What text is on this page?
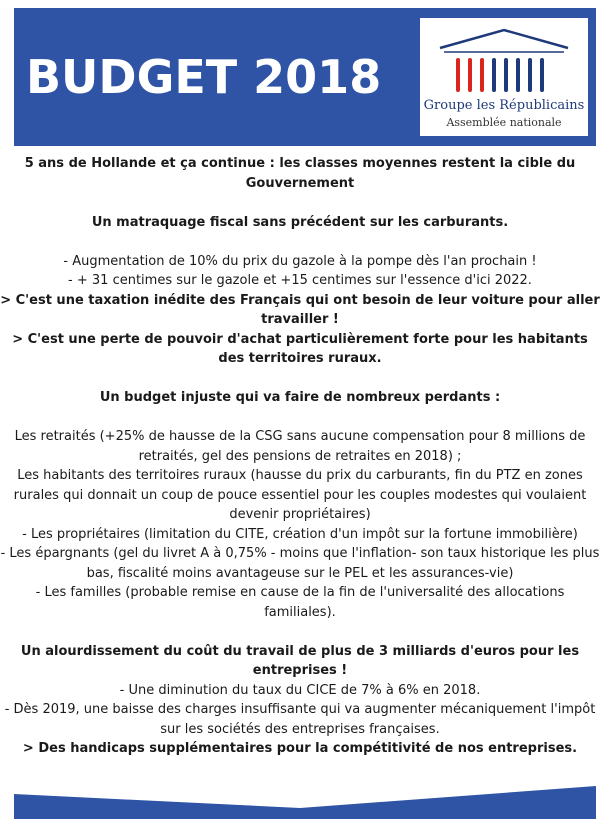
BUDGET 2018
Groupe les Républicains
Assemblée nationale

5 ans de Hollande et ça continue : les classes moyennes restent la cible du Gouvernement

Un matraquage fiscal sans précédent sur les carburants.

- Augmentation de 10% du prix du gazole à la pompe dès l'an prochain !

- + 31 centimes sur le gazole et +15 centimes sur l'essence d'ici 2022.

> C'est une taxation inédite des Français qui ont besoin de leur voiture pour aller travailler !

> C'est une perte de pouvoir d'achat particulièrement forte pour les habitants des territoires ruraux.

Un budget injuste qui va faire de nombreux perdants :

Les retraités (+25% de hausse de la CSG sans aucune compensation pour 8 millions de retraités, gel des pensions de retraites en 2018) ;

Les habitants des territoires ruraux (hausse du prix du carburants, fin du PTZ en zones rurales qui donnait un coup de pouce essentiel pour les couples modestes qui voulaient devenir propriétaires)

- Les propriétaires (limitation du CITE, création d'un impôt sur la fortune immobilière)

- Les épargnants (gel du livret A à 0,75% - moins que l'inflation- son taux historique les plus bas, fiscalité moins avantageuse sur le PEL et les assurances-vie)

- Les familles (probable remise en cause de la fin de l'universalité des allocations familiales).

Un alourdissement du coût du travail de plus de 3 milliards d'euros pour les entreprises !

- Une diminution du taux du CICE de 7% à 6% en 2018.

- Dès 2019, une baisse des charges insuffisante qui va augmenter mécaniquement l'impôt sur les sociétés des entreprises françaises.

> Des handicaps supplémentaires pour la compétitivité de nos entreprises.
